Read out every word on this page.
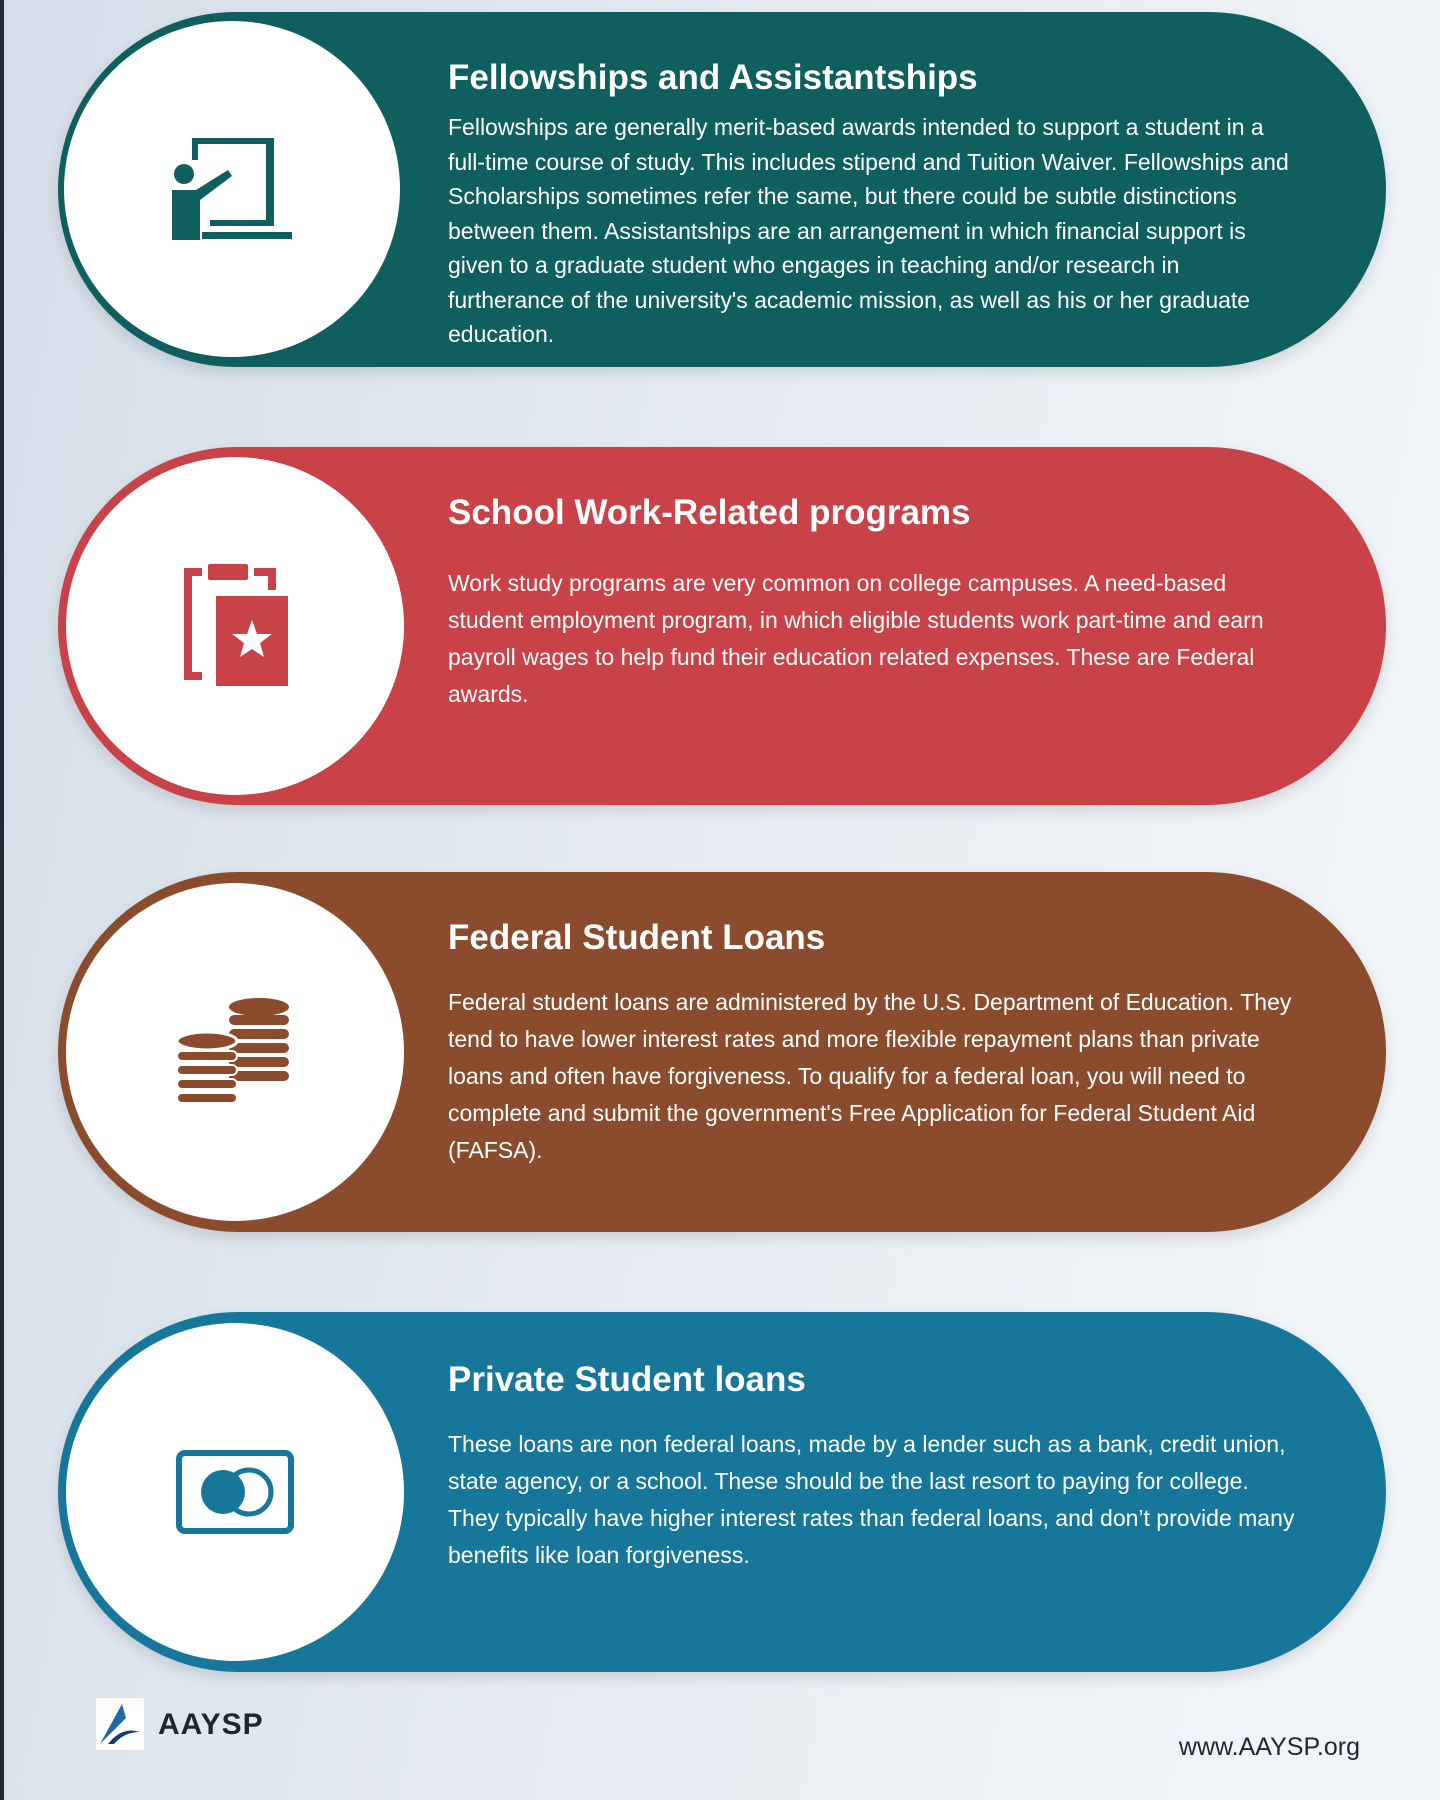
Fellowships and Assistantships

Fellowships are generally merit-based awards intended to support a student in a full-time course of study. This includes stipend and Tuition Waiver. Fellowships and Scholarships sometimes refer the same, but there could be subtle distinctions between them. Assistantships are an arrangement in which financial support is given to a graduate student who engages in teaching and/or research in furtherance of the university's academic mission, as well as his or her graduate education.

School Work-Related programs

Work study programs are very common on college campuses. A need-based student employment program, in which eligible students work part-time and earn payroll wages to help fund their education related expenses. These are Federal awards.

Federal Student Loans

Federal student loans are administered by the U.S. Department of Education. They tend to have lower interest rates and more flexible repayment plans than private loans and often have forgiveness. To qualify for a federal loan, you will need to complete and submit the government's Free Application for Federal Student Aid (FAFSA).

Private Student loans

These loans are non federal loans, made by a lender such as a bank, credit union, state agency, or a school. These should be the last resort to paying for college. They typically have higher interest rates than federal loans, and don’t provide many benefits like loan forgiveness.

AAYSP
www.AAYSP.org
